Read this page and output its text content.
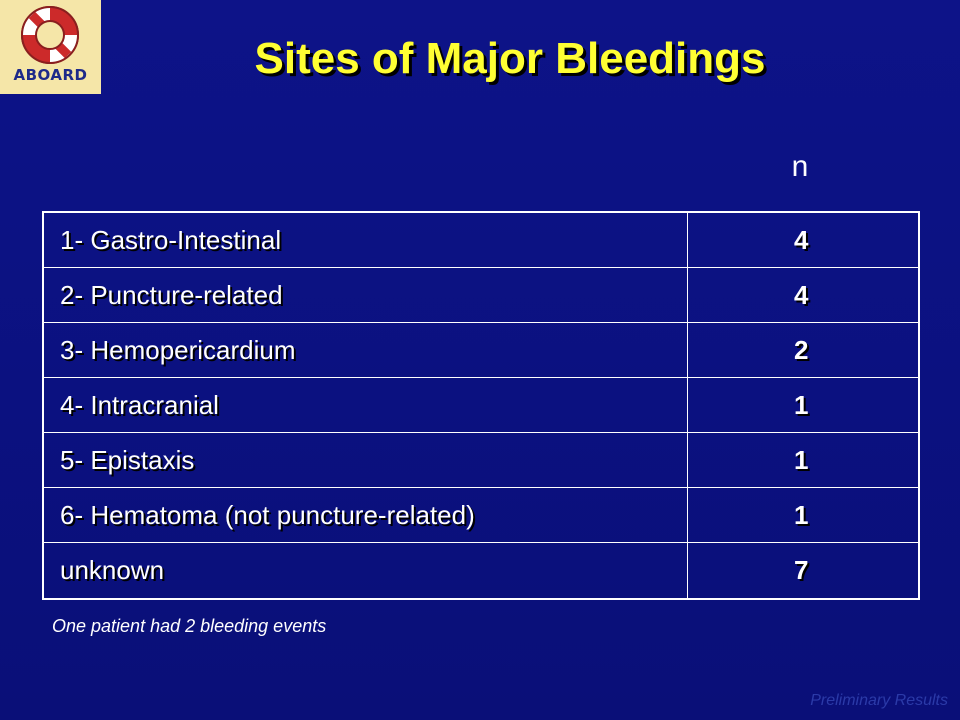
ABOARD	Sites of Major Bleedings
n
1- Gastro-Intestinal	4
2- Puncture-related	4
3- Hemopericardium	2
4- Intracranial	1
5- Epistaxis	1
6- Hematoma (not puncture-related)	1
unknown	7
One patient had 2 bleeding events
Preliminary Results
